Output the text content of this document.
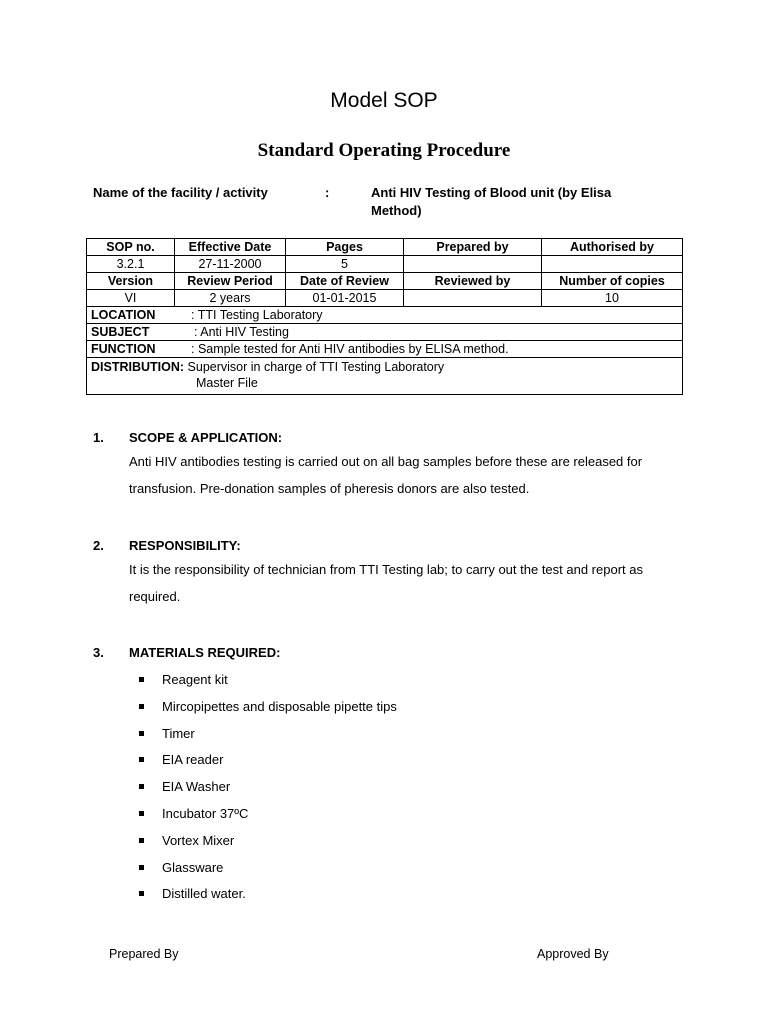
Model SOP
Standard Operating Procedure
Name of the facility / activity	:	Anti HIV Testing of Blood unit (by Elisa Method)
SOP no.	Effective Date	Pages	Prepared by	Authorised by
3.2.1	27-11-2000	5		
Version	Review Period	Date of Review	Reviewed by	Number of copies
VI	2 years	01-01-2015		10
LOCATION : TTI Testing Laboratory				
SUBJECT : Anti HIV Testing				
FUNCTION : Sample tested for Anti HIV antibodies by ELISA method.				
DISTRIBUTION: Supervisor in charge of TTI Testing Laboratory
Master File				
1. SCOPE & APPLICATION:
Anti HIV antibodies testing is carried out on all bag samples before these are released for transfusion. Pre-donation samples of pheresis donors are also tested.
2. RESPONSIBILITY:
It is the responsibility of technician from TTI Testing lab; to carry out the test and report as required.
3. MATERIALS REQUIRED:
Reagent kit
Mircopipettes and disposable pipette tips
Timer
EIA reader
EIA Washer
Incubator 37ºC
Vortex Mixer
Glassware
Distilled water.
Prepared By	Approved By
